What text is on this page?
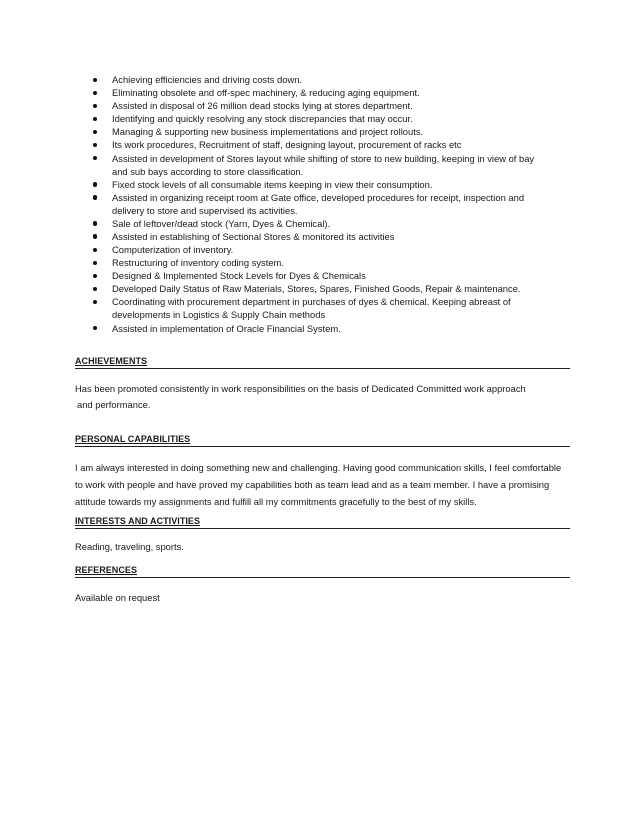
Achieving efficiencies and driving costs down.
Eliminating obsolete and off-spec machinery, & reducing aging equipment.
Assisted in disposal of 26 million dead stocks lying at stores department.
Identifying and quickly resolving any stock discrepancies that may occur.
Managing & supporting new business implementations and project rollouts.
Its work procedures, Recruitment of staff, designing layout, procurement of racks etc
Assisted in development of Stores layout while shifting of store to new building, keeping in view of bay and sub bays according to store classification.
Fixed stock levels of all consumable items keeping in view their consumption.
Assisted in organizing receipt room at Gate office, developed procedures for receipt, inspection and delivery to store and supervised its activities.
Sale of leftover/dead stock (Yarn, Dyes & Chemical).
Assisted in establishing of Sectional Stores & monitored its activities
Computerization of inventory.
Restructuring of inventory coding system.
Designed & Implemented Stock Levels for Dyes & Chemicals
Developed Daily Status of Raw Materials, Stores, Spares, Finished Goods, Repair & maintenance.
Coordinating with procurement department in purchases of dyes & chemical. Keeping abreast of developments in Logistics & Supply Chain methods
Assisted in implementation of Oracle Financial System.
ACHIEVEMENTS
Has been promoted consistently in work responsibilities on the basis of Dedicated Committed work approach
and performance.
PERSONAL CAPABILITIES
I am always interested in doing something new and challenging. Having good communication skills, I feel comfortable to work with people and have proved my capabilities both as team lead and as a team member. I have a promising attitude towards my assignments and fulfill all my commitments gracefully to the best of my skills.
INTERESTS AND ACTIVITIES
Reading, traveling, sports.
REFERENCES
Available on request
